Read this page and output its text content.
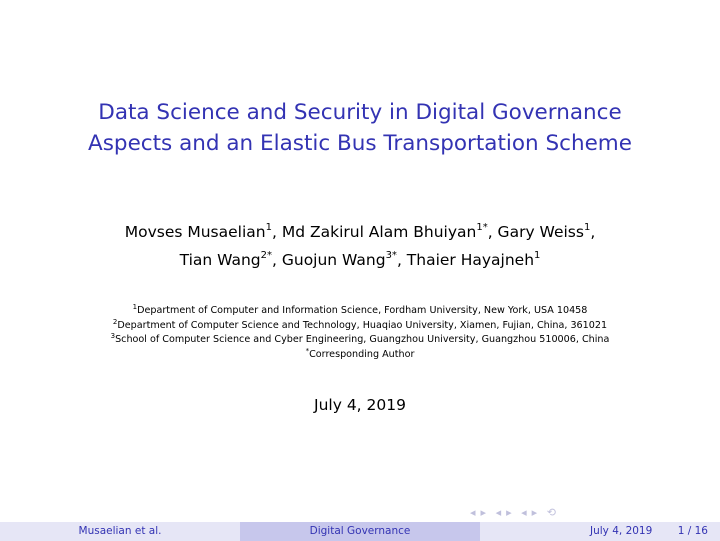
Data Science and Security in Digital Governance
Aspects and an Elastic Bus Transportation Scheme
Movses Musaelian$^1$, Md Zakirul Alam Bhuiyan$^{1*}$, Gary Weiss$^1$,
Tian Wang$^{2*}$, Guojun Wang$^{3*}$, Thaier Hayajneh$^1$
$^1$Department of Computer and Information Science, Fordham University, New York, USA 10458
$^2$Department of Computer Science and Technology, Huaqiao University, Xiamen, Fujian, China, 361021
$^3$School of Computer Science and Cyber Engineering, Guangzhou University, Guangzhou 510006, China
*Corresponding Author
July 4, 2019
◂ ▸ ◂ ▸ ◂ ▸ ⟲
Musaelian et al.	Digital Governance	July 4, 2019 1 / 16
